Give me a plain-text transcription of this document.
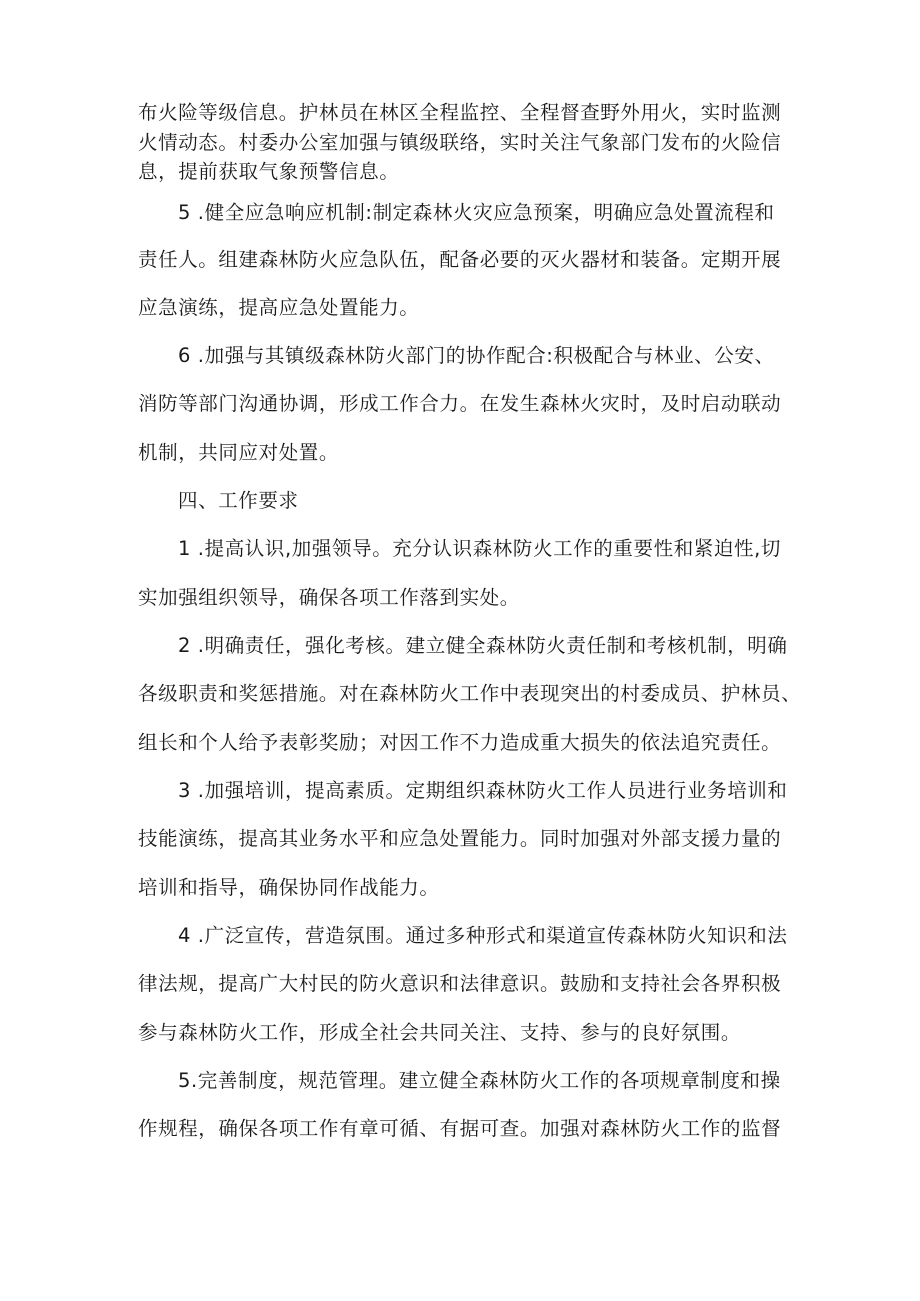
布火险等级信息。护林员在林区全程监控、全程督查野外用火，实时监测

火情动态。村委办公室加强与镇级联络，实时关注气象部门发布的火险信

息，提前获取气象预警信息。

5 .健全应急响应机制:制定森林火灾应急预案，明确应急处置流程和

责任人。组建森林防火应急队伍，配备必要的灭火器材和装备。定期开展

应急演练，提高应急处置能力。

6 .加强与其镇级森林防火部门的协作配合:积极配合与林业、公安、

消防等部门沟通协调，形成工作合力。在发生森林火灾时，及时启动联动

机制，共同应对处置。

四、工作要求

1 .提高认识,加强领导。充分认识森林防火工作的重要性和紧迫性,切

实加强组织领导，确保各项工作落到实处。

2 .明确责任，强化考核。建立健全森林防火责任制和考核机制，明确

各级职责和奖惩措施。对在森林防火工作中表现突出的村委成员、护林员、

组长和个人给予表彰奖励；对因工作不力造成重大损失的依法追究责任。

3 .加强培训，提高素质。定期组织森林防火工作人员进行业务培训和

技能演练，提高其业务水平和应急处置能力。同时加强对外部支援力量的

培训和指导，确保协同作战能力。

4 .广泛宣传，营造氛围。通过多种形式和渠道宣传森林防火知识和法

律法规，提高广大村民的防火意识和法律意识。鼓励和支持社会各界积极

参与森林防火工作，形成全社会共同关注、支持、参与的良好氛围。

5.完善制度，规范管理。建立健全森林防火工作的各项规章制度和操

作规程，确保各项工作有章可循、有据可查。加强对森林防火工作的监督
